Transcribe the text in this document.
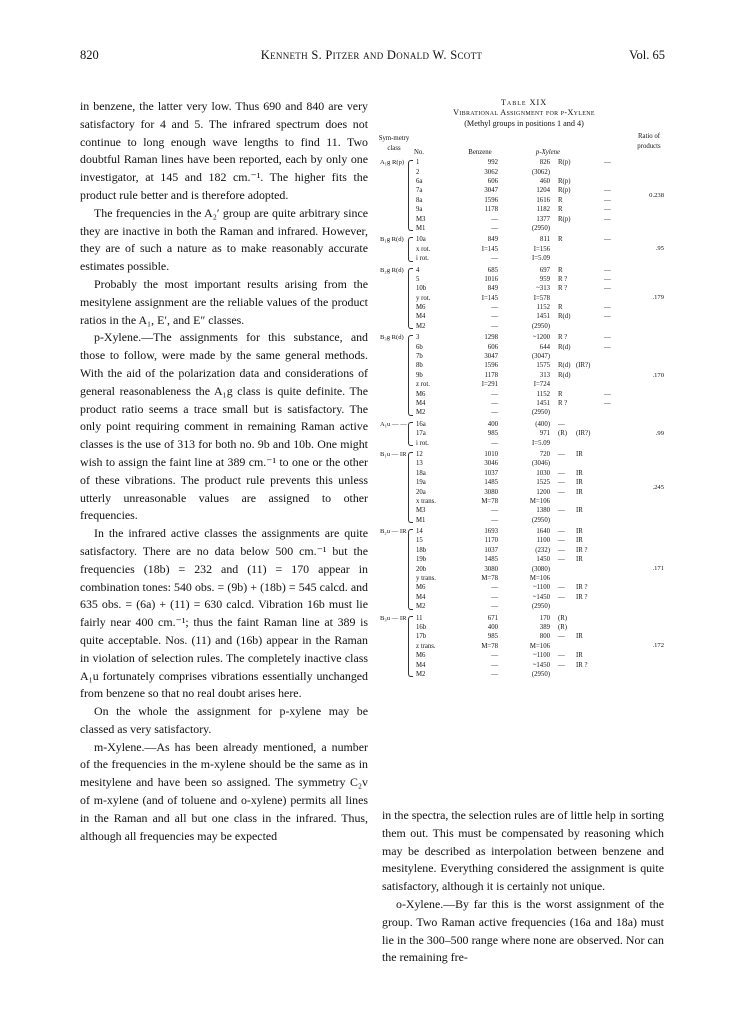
820	Kenneth S. Pitzer and Donald W. Scott	Vol. 65

in benzene, the latter very low. Thus 690 and 840 are very satisfactory for 4 and 5. The infrared spectrum does not continue to long enough wave lengths to find 11. Two doubtful Raman lines have been reported, each by only one investigator, at 145 and 182 cm.⁻¹. The higher fits the product rule better and is therefore adopted.

The frequencies in the A₂′ group are quite arbitrary since they are inactive in both the Raman and infrared. However, they are of such a nature as to make reasonably accurate estimates possible.

Probably the most important results arising from the mesitylene assignment are the reliable values of the product ratios in the A₁, E′, and E″ classes.

p-Xylene.—The assignments for this substance, and those to follow, were made by the same general methods. With the aid of the polarization data and considerations of general reasonableness the A₁g class is quite definite. The product ratio seems a trace small but is satisfactory. The only point requiring comment in remaining Raman active classes is the use of 313 for both no. 9b and 10b. One might wish to assign the faint line at 389 cm.⁻¹ to one or the other of these vibrations. The product rule prevents this unless utterly unreasonable values are assigned to other frequencies.

In the infrared active classes the assignments are quite satisfactory. There are no data below 500 cm.⁻¹ but the frequencies (18b) = 232 and (11) = 170 appear in combination tones: 540 obs. = (9b) + (18b) = 545 calcd. and 635 obs. = (6a) + (11) = 630 calcd. Vibration 16b must lie fairly near 400 cm.⁻¹; thus the faint Raman line at 389 is quite acceptable. Nos. (11) and (16b) appear in the Raman in violation of selection rules. The completely inactive class A₁u fortunately comprises vibrations essentially unchanged from benzene so that no real doubt arises here.

On the whole the assignment for p-xylene may be classed as very satisfactory.

m-Xylene.—As has been already mentioned, a number of the frequencies in the m-xylene should be the same as in mesitylene and have been so assigned. The symmetry C₂v of m-xylene (and of toluene and o-xylene) permits all lines in the Raman and all but one class in the infrared. Thus, although all frequencies may be expected

Table XIX
Vibrational Assignment for p-Xylene
(Methyl groups in positions 1 and 4)
Sym-metry class
No.	Benzene	p-Xylene
Ratio of products
A₁g R(p)	1	992	826 R(p)	—
2	3062	(3062)
6a	606	460 R(p)
7a	3047	1204 R(p)	—
8a	1596	1616 R	—
9a	1178	1182 R	—
M3	—	1377 R(p)	—
M1	—	(2950)
0.238
B₁g R(d)	10a	849	811 R	—
x rot.	I=145	I=156
i rot.	—	I=5.09
.95
B₂g R(d)	4	685	697 R	—
5	1016	959 R ?	—
10b	849	~313 R ?	—
y rot.	I=145	I=578
M6	—	1152 R	—
M4	—	1451 R(d)	—
M2	—	(2950)
.179
B₃g R(d)	3	1298	~1200 R ?	—
6b	606	644 R(d)	—
7b	3047	(3047)
8b	1596	1575 R(d) (IR?)
9b	1178	313 R(d)
z rot.	I=291	I=724
M6	—	1152 R	—
M4	—	1451 R ?	—
M2	—	(2950)
.170
A₁u — — 16a	400	(400) —
17a	985	971 (R) (IR?)
i rot.	—	I=5.09
.99
B₁u — IR 12	1010	720 — IR
13	3046	(3046)
18a	1037	1030 — IR
19a	1485	1525 — IR
20a	3080	1200 — IR
x trans.	M=78	M=106
M3	—	1380 — IR
M1	—	(2950)
.245
B₂u — IR 14	1693	1640 — IR
15	1170	1100 — IR
18b	1037	(232) — IR ?
19b	1485	1450 — IR
20b	3080	(3080)
y trans.	M=78	M=106
M6	—	~1100 — IR ?
M4	—	~1450 — IR ?
M2	—	(2950)
.171
B₃u — IR 11	671	170 (R)
16b	400	389 (R)
17b	985	800 — IR
z trans.	M=78	M=106
M6	—	~1100 — IR
M4	—	~1450 — IR ?
M2	—	(2950)
.172

in the spectra, the selection rules are of little help in sorting them out. This must be compensated by reasoning which may be described as interpolation between benzene and mesitylene. Everything considered the assignment is quite satisfactory, although it is certainly not unique.

o-Xylene.—By far this is the worst assignment of the group. Two Raman active frequencies (16a and 18a) must lie in the 300–500 range where none are observed. Nor can the remaining fre-
